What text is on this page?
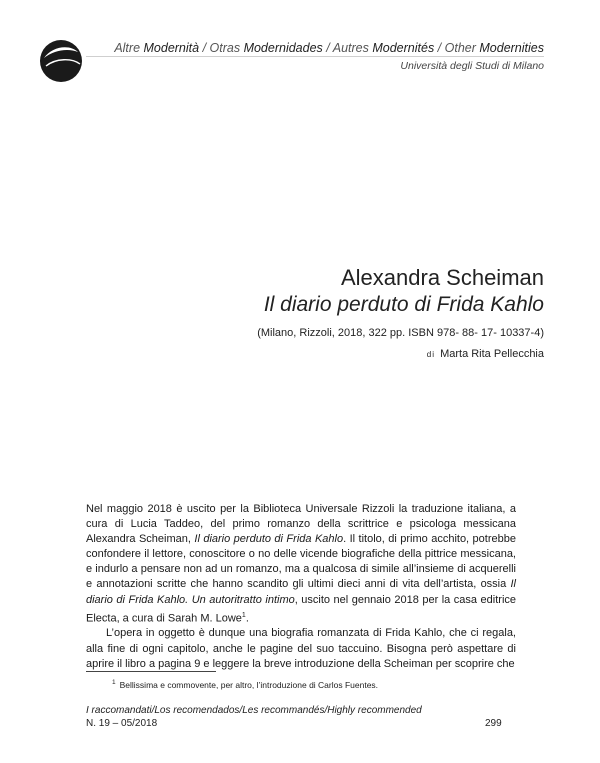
Altre Modernità / Otras Modernidades / Autres Modernités / Other Modernities
Università degli Studi di Milano
Alexandra Scheiman
Il diario perduto di Frida Kahlo
(Milano, Rizzoli, 2018, 322 pp. ISBN 978- 88- 17- 10337-4)
di Marta Rita Pellecchia

Nel maggio 2018 è uscito per la Biblioteca Universale Rizzoli la traduzione italiana, a cura di Lucia Taddeo, del primo romanzo della scrittrice e psicologa messicana Alexandra Scheiman, Il diario perduto di Frida Kahlo. Il titolo, di primo acchito, potrebbe confondere il lettore, conoscitore o no delle vicende biografiche della pittrice messicana, e indurlo a pensare non ad un romanzo, ma a qualcosa di simile all’insieme di acquerelli e annotazioni scritte che hanno scandito gli ultimi dieci anni di vita dell’artista, ossia Il diario di Frida Kahlo. Un autoritratto intimo, uscito nel gennaio 2018 per la casa editrice Electa, a cura di Sarah M. Lowe$^1$.

L’opera in oggetto è dunque una biografia romanzata di Frida Kahlo, che ci regala, alla fine di ogni capitolo, anche le pagine del suo taccuino. Bisogna però aspettare di aprire il libro a pagina 9 e leggere la breve introduzione della Scheiman per scoprire che

$^1$ Bellissima e commovente, per altro, l’introduzione di Carlos Fuentes.
I raccomandati/Los recomendados/Les recommandés/Highly recommended
N. 19 – 05/2018	299
